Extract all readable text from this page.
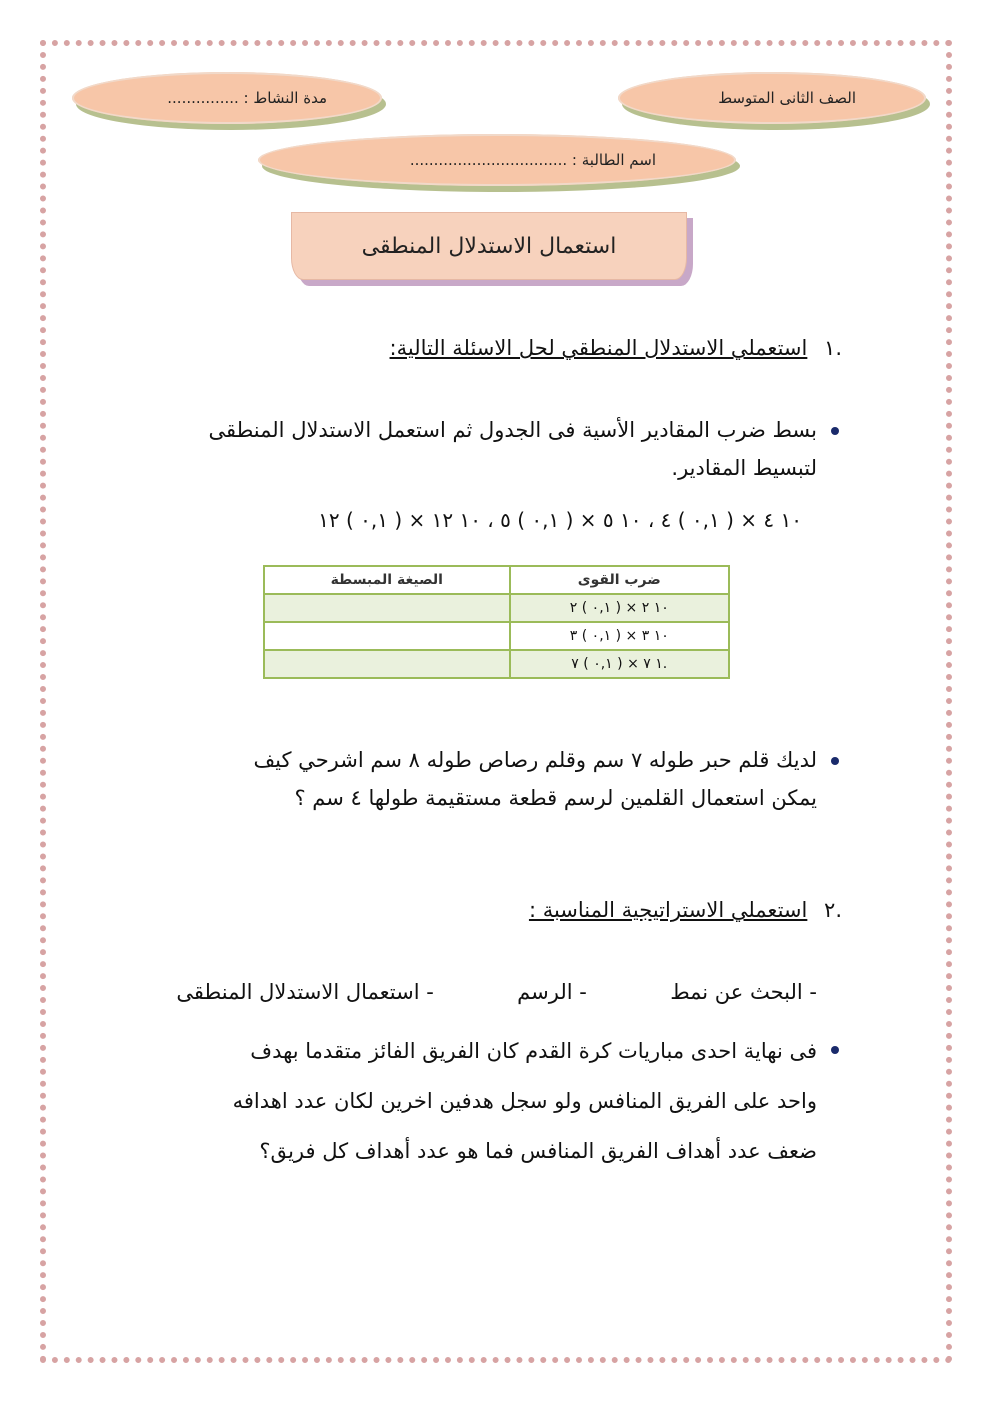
الصف الثانى المتوسط
مدة النشاط : ...............
اسم الطالبة : .................................
استعمال الاستدلال المنطقى
.١ استعملي الاستدلال المنطقي لحل الاسئلة التالية:
بسط ضرب المقادير الأسية فى الجدول ثم استعمل الاستدلال المنطقى
لتبسيط المقادير.
١٠ ٤ × ( ٠,١ ) ٤ ، ١٠ ٥ × ( ٠,١ ) ٥ ، ١٠ ١٢ × ( ٠,١ ) ١٢
ضرب القوى	الصيغة المبسطة
١٠ ٢ × ( ٠,١ ) ٢	
١٠ ٣ × ( ٠,١ ) ٣	
.١ ٧ × ( ٠,١ ) ٧	
لديك قلم حبر طوله ٧ سم وقلم رصاص طوله ٨ سم اشرحي كيف
يمكن استعمال القلمين لرسم قطعة مستقيمة طولها ٤ سم ؟
.٢ استعملي الاستراتيجية المناسبة :
- البحث عن نمط  - الرسم  - استعمال الاستدلال المنطقى
فى نهاية احدى مباريات كرة القدم كان الفريق الفائز متقدما بهدف
واحد على الفريق المنافس ولو سجل هدفين اخرين لكان عدد اهدافه
ضعف عدد أهداف الفريق المنافس فما هو عدد أهداف كل فريق؟
